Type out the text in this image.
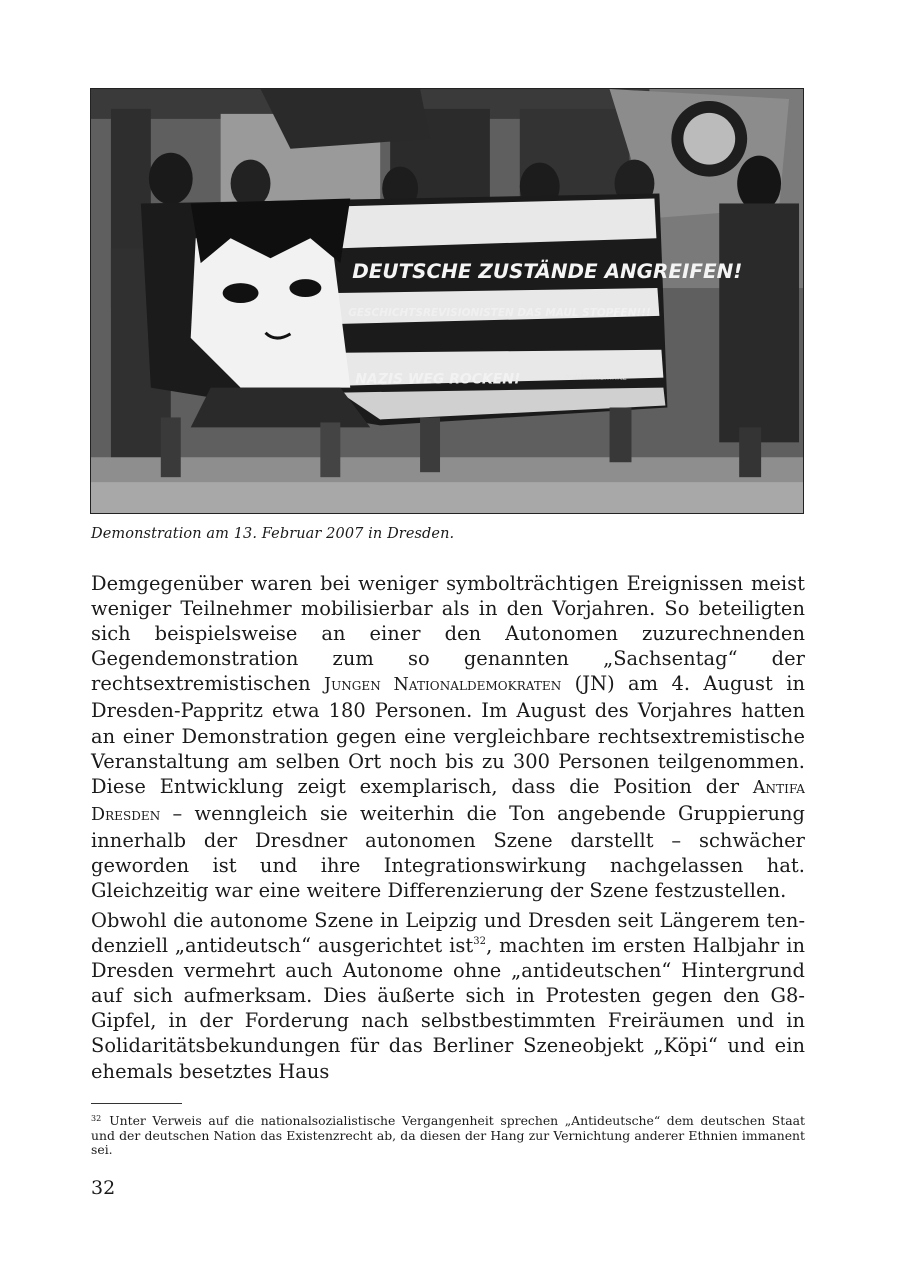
DEUTSCHE ZUSTÄNDE ANGREIFEN!
GESCHICHTSREVISIONISTEN DAS MAUL STOPFEN!!!
NAZIS WEG ROCKEN!	antifa chemnitz
Demonstration am 13. Februar 2007 in Dresden.

Demgegenüber waren bei weniger symbolträchtigen Ereignissen meist weniger Teilnehmer mobilisierbar als in den Vorjahren. So beteiligten sich beispielsweise an einer den Autonomen zuzurechnenden Gegendemonstration zum so genannten „Sachsentag“ der rechtsextremistischen Jungen Nationaldemokraten (JN) am 4. August in Dresden-Pappritz etwa 180 Personen. Im August des Vorjahres hatten an einer Demonstration gegen eine vergleichbare rechtsextremistische Veranstaltung am selben Ort noch bis zu 300 Personen teilgenommen. Diese Entwicklung zeigt exemplarisch, dass die Position der Antifa Dresden – wenngleich sie weiterhin die Ton angebende Gruppierung innerhalb der Dresdner autonomen Szene darstellt – schwächer geworden ist und ihre Integrationswirkung nachgelassen hat. Gleichzeitig war eine weitere Differenzierung der Szene festzustellen.

Obwohl die autonome Szene in Leipzig und Dresden seit Längerem tendenziell „antideutsch“ ausgerichtet ist$^{32}$, machten im ersten Halbjahr in Dresden vermehrt auch Autonome ohne „antideutschen“ Hintergrund auf sich aufmerksam. Dies äußerte sich in Protesten gegen den G8-Gipfel, in der Forderung nach selbstbestimmten Freiräumen und in Solidaritätsbekundungen für das Berliner Szeneobjekt „Köpi“ und ein ehemals besetztes Haus

$^{32}$ Unter Verweis auf die nationalsozialistische Vergangenheit sprechen „Antideutsche“ dem deutschen Staat und der deutschen Nation das Existenzrecht ab, da diesen der Hang zur Vernichtung anderer Ethnien immanent sei.
32
